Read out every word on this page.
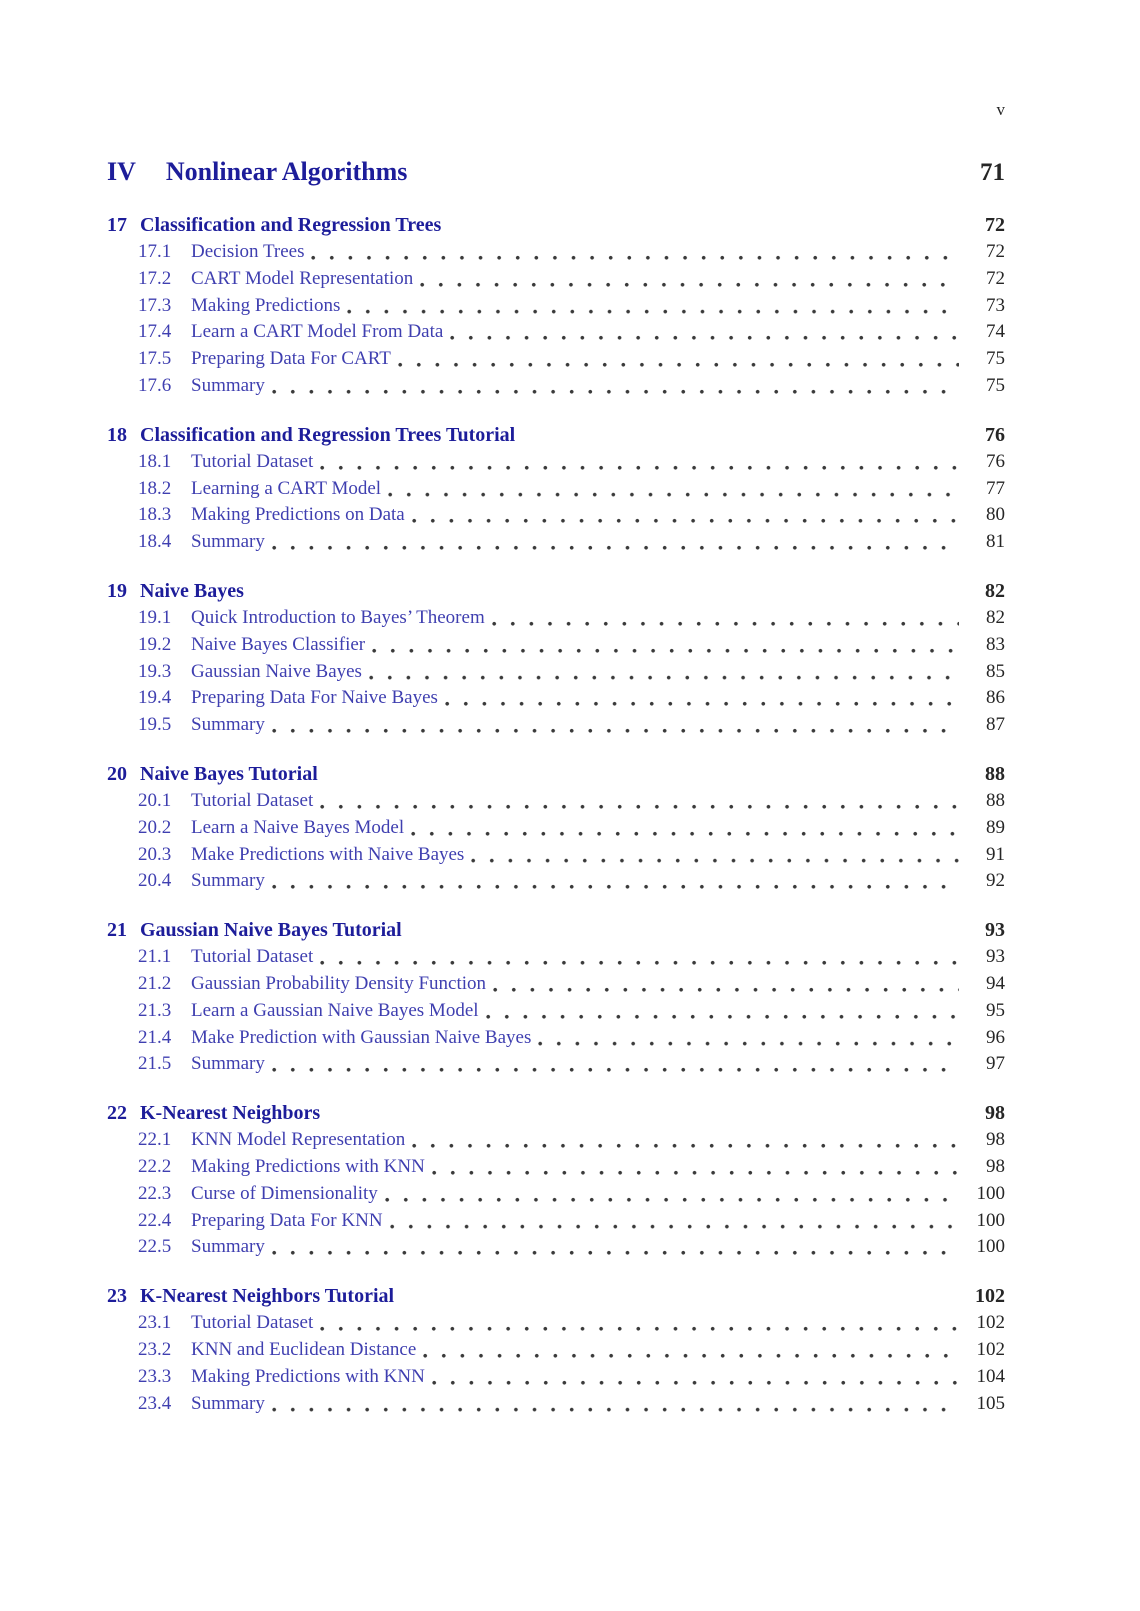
v
IV Nonlinear Algorithms	71
17 Classification and Regression Trees	72
17.1	Decision Trees	72
17.2	CART Model Representation	72
17.3	Making Predictions	73
17.4	Learn a CART Model From Data	74
17.5	Preparing Data For CART	75
17.6	Summary	75
18 Classification and Regression Trees Tutorial	76
18.1	Tutorial Dataset	76
18.2	Learning a CART Model	77
18.3	Making Predictions on Data	80
18.4	Summary	81
19 Naive Bayes	82
19.1	Quick Introduction to Bayes’ Theorem	82
19.2	Naive Bayes Classifier	83
19.3	Gaussian Naive Bayes	85
19.4	Preparing Data For Naive Bayes	86
19.5	Summary	87
20 Naive Bayes Tutorial	88
20.1	Tutorial Dataset	88
20.2	Learn a Naive Bayes Model	89
20.3	Make Predictions with Naive Bayes	91
20.4	Summary	92
21 Gaussian Naive Bayes Tutorial	93
21.1	Tutorial Dataset	93
21.2	Gaussian Probability Density Function	94
21.3	Learn a Gaussian Naive Bayes Model	95
21.4	Make Prediction with Gaussian Naive Bayes	96
21.5	Summary	97
22 K-Nearest Neighbors	98
22.1	KNN Model Representation	98
22.2	Making Predictions with KNN	98
22.3	Curse of Dimensionality	100
22.4	Preparing Data For KNN	100
22.5	Summary	100
23 K-Nearest Neighbors Tutorial	102
23.1	Tutorial Dataset	102
23.2	KNN and Euclidean Distance	102
23.3	Making Predictions with KNN	104
23.4	Summary	105
